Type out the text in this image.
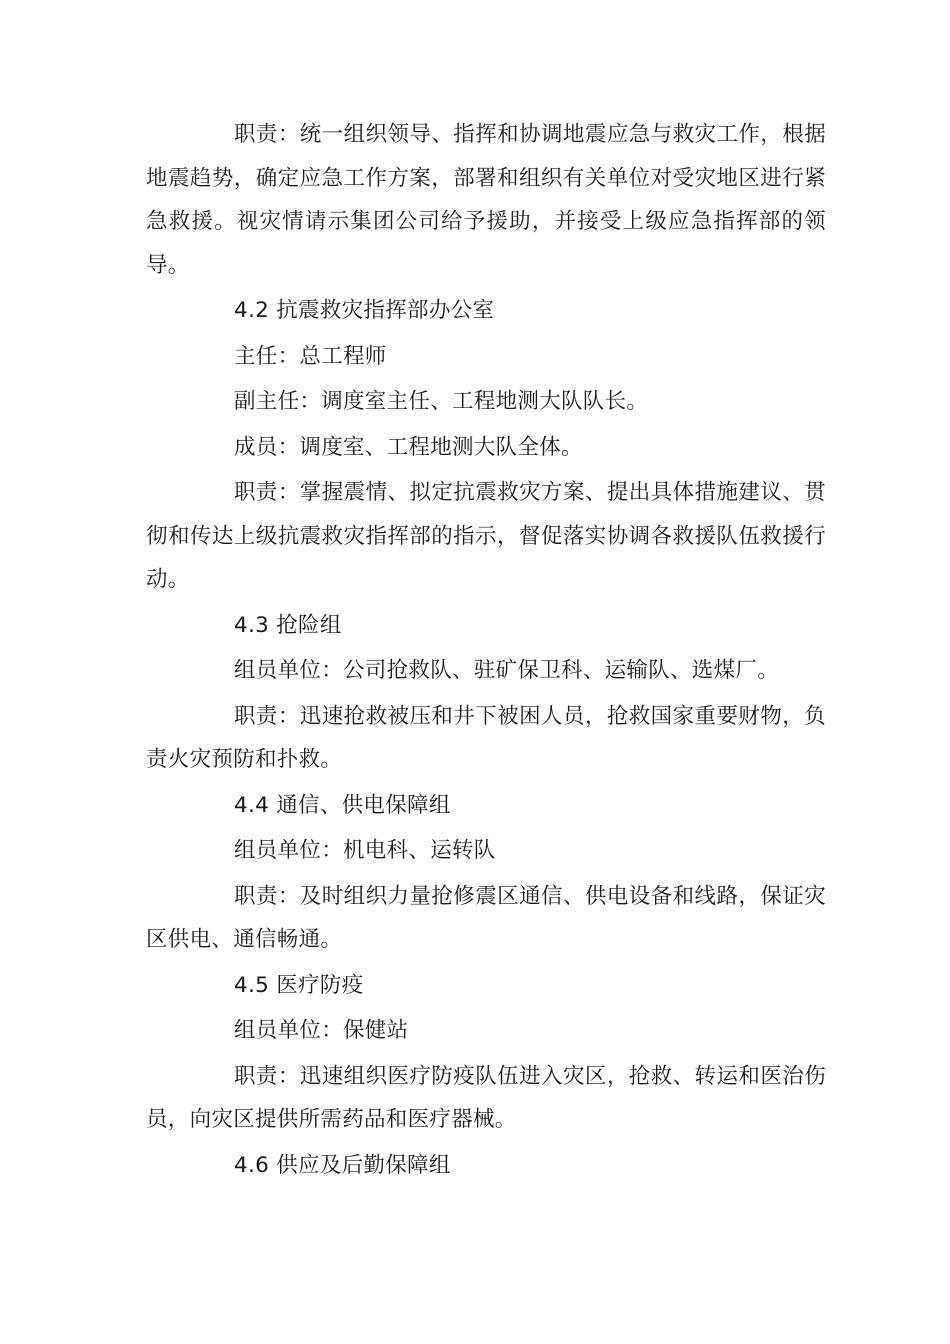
职责：统一组织领导、指挥和协调地震应急与救灾工作，根据地震趋势，确定应急工作方案，部署和组织有关单位对受灾地区进行紧急救援。视灾情请示集团公司给予援助，并接受上级应急指挥部的领导。

4.2 抗震救灾指挥部办公室

主任：总工程师

副主任：调度室主任、工程地测大队队长。

成员：调度室、工程地测大队全体。

职责：掌握震情、拟定抗震救灾方案、提出具体措施建议、贯彻和传达上级抗震救灾指挥部的指示，督促落实协调各救援队伍救援行动。

4.3 抢险组

组员单位：公司抢救队、驻矿保卫科、运输队、选煤厂。

职责：迅速抢救被压和井下被困人员，抢救国家重要财物，负责火灾预防和扑救。

4.4 通信、供电保障组

组员单位：机电科、运转队

职责：及时组织力量抢修震区通信、供电设备和线路，保证灾区供电、通信畅通。

4.5 医疗防疫

组员单位：保健站

职责：迅速组织医疗防疫队伍进入灾区，抢救、转运和医治伤员，向灾区提供所需药品和医疗器械。

4.6 供应及后勤保障组
